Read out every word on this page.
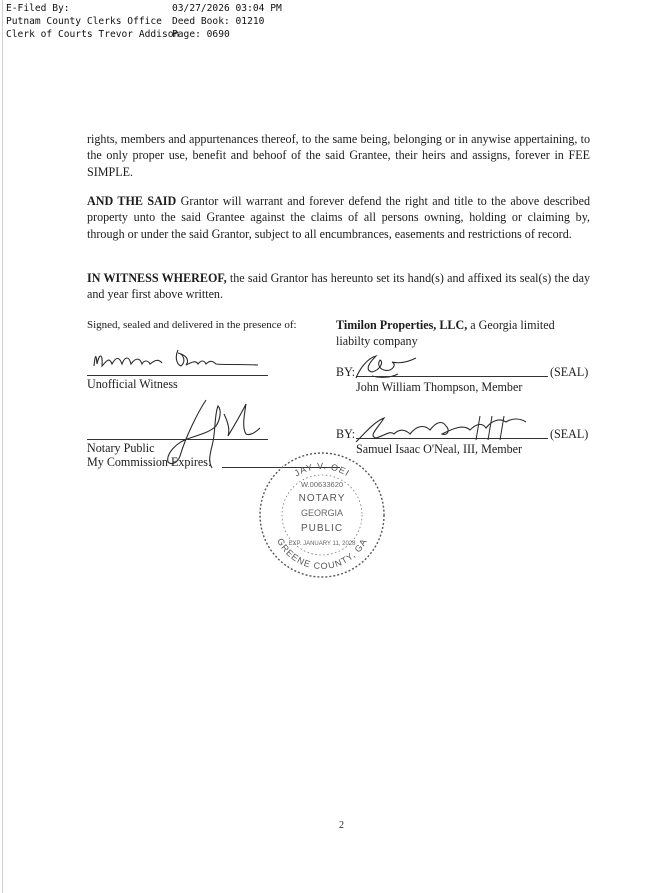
E-Filed By:
Putnam County Clerks Office
Clerk of Courts Trevor Addison
03/27/2026 03:04 PM
Deed Book: 01210
Page: 0690
rights, members and appurtenances thereof, to the same being, belonging or in anywise appertaining, to the only proper use, benefit and behoof of the said Grantee, their heirs and assigns, forever in FEE SIMPLE.
AND THE SAID Grantor will warrant and forever defend the right and title to the above described property unto the said Grantee against the claims of all persons owning, holding or claiming by, through or under the said Grantor, subject to all encumbrances, easements and restrictions of record.
IN WITNESS WHEREOF, the said Grantor has hereunto set its hand(s) and affixed its seal(s) the day and year first above written.
Signed, sealed and delivered in the presence of:	Timilon Properties, LLC, a Georgia limited
liabilty company
Unofficial Witness
Notary Public
My Commission Expires:
BY:	(SEAL)
John William Thompson, Member
BY:	(SEAL)
Samuel Isaac O'Neal, III, Member
JAY V. OEI
GREENE COUNTY, GA
W.00633620
NOTARY
GEORGIA
PUBLIC
EXP. JANUARY 11, 2028
2
